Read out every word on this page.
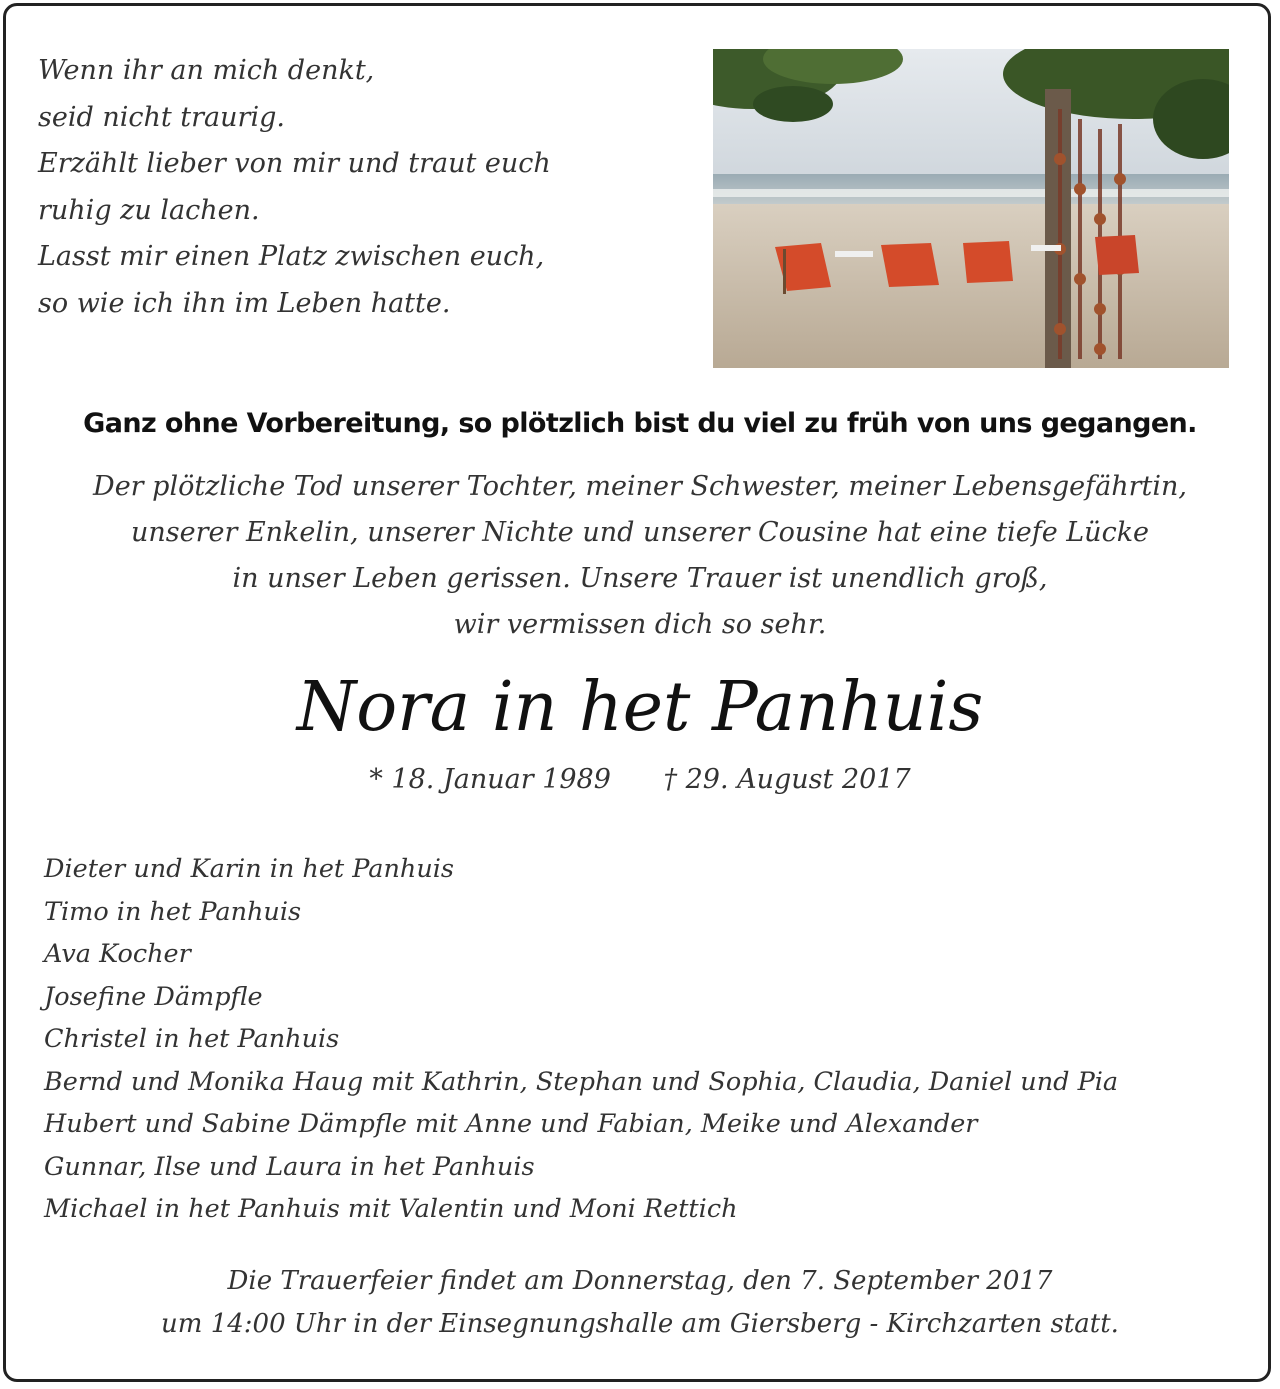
Wenn ihr an mich denkt,
seid nicht traurig.
Erzählt lieber von mir und traut euch
ruhig zu lachen.
Lasst mir einen Platz zwischen euch,
so wie ich ihn im Leben hatte.
Ganz ohne Vorbereitung, so plötzlich bist du viel zu früh von uns gegangen.
Der plötzliche Tod unserer Tochter, meiner Schwester, meiner Lebensgefährtin,
unserer Enkelin, unserer Nichte und unserer Cousine hat eine tiefe Lücke
in unser Leben gerissen. Unsere Trauer ist unendlich groß,
wir vermissen dich so sehr.
Nora in het Panhuis
* 18. Januar 1989 † 29. August 2017
Dieter und Karin in het Panhuis
Timo in het Panhuis
Ava Kocher
Josefine Dämpfle
Christel in het Panhuis
Bernd und Monika Haug mit Kathrin, Stephan und Sophia, Claudia, Daniel und Pia
Hubert und Sabine Dämpfle mit Anne und Fabian, Meike und Alexander
Gunnar, Ilse und Laura in het Panhuis
Michael in het Panhuis mit Valentin und Moni Rettich
Die Trauerfeier findet am Donnerstag, den 7. September 2017
um 14:00 Uhr in der Einsegnungshalle am Giersberg - Kirchzarten statt.
